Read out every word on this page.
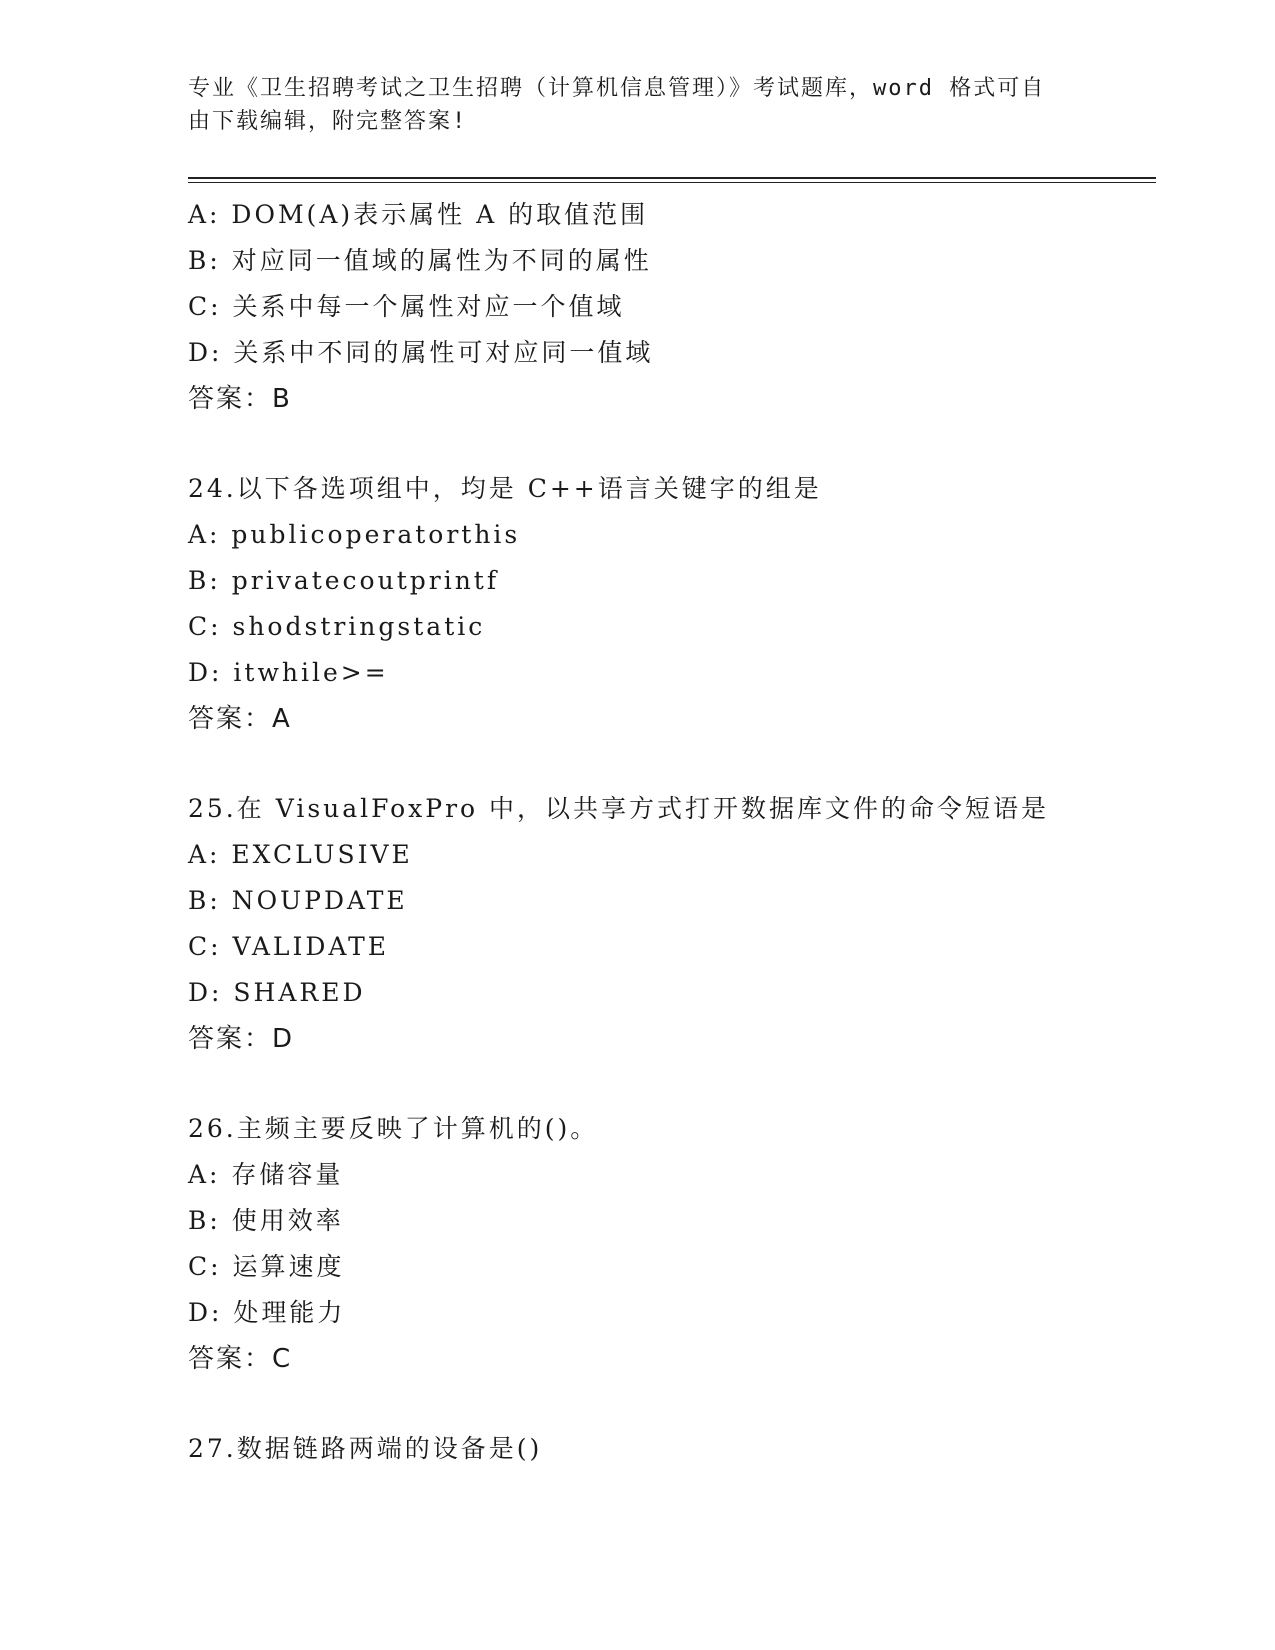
专业《卫生招聘考试之卫生招聘（计算机信息管理）》考试题库，word 格式可自
由下载编辑，附完整答案!
A: DOM(A)表示属性 A 的取值范围
B: 对应同一值域的属性为不同的属性
C: 关系中每一个属性对应一个值域
D: 关系中不同的属性可对应同一值域
答案：B
24.以下各选项组中，均是 C++语言关键字的组是
A: publicoperatorthis
B: privatecoutprintf
C: shodstringstatic
D: itwhile>=
答案：A
25.在 VisualFoxPro 中，以共享方式打开数据库文件的命令短语是
A: EXCLUSIVE
B: NOUPDATE
C: VALIDATE
D: SHARED
答案：D
26.主频主要反映了计算机的()。
A: 存储容量
B: 使用效率
C: 运算速度
D: 处理能力
答案：C
27.数据链路两端的设备是()
